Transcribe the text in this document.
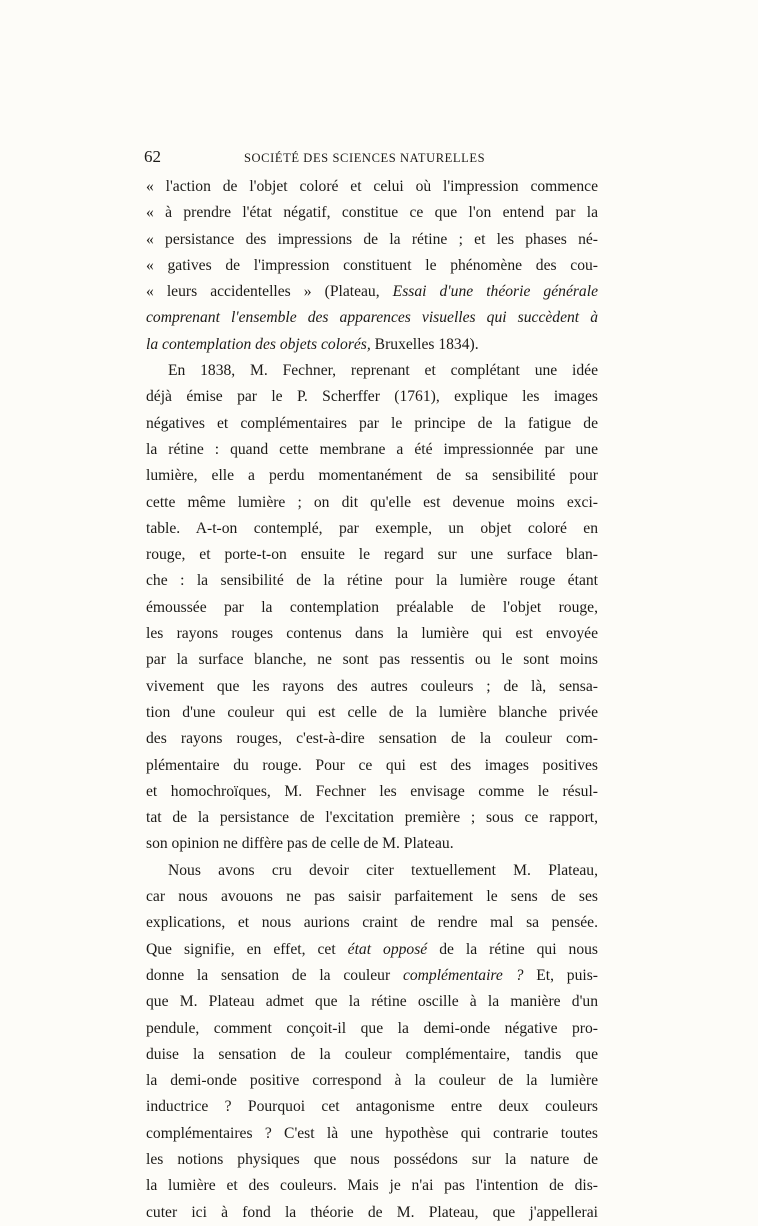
62	SOCIÉTÉ DES SCIENCES NATURELLES
« l'action de l'objet coloré et celui où l'impression commence
« à prendre l'état négatif, constitue ce que l'on entend par la
« persistance des impressions de la rétine ; et les phases né-
« gatives de l'impression constituent le phénomène des cou-
« leurs accidentelles » (Plateau, Essai d'une théorie générale
comprenant l'ensemble des apparences visuelles qui succèdent à
la contemplation des objets colorés, Bruxelles 1834).
En 1838, M. Fechner, reprenant et complétant une idée
déjà émise par le P. Scherffer (1761), explique les images
négatives et complémentaires par le principe de la fatigue de
la rétine : quand cette membrane a été impressionnée par une
lumière, elle a perdu momentanément de sa sensibilité pour
cette même lumière ; on dit qu'elle est devenue moins exci-
table. A-t-on contemplé, par exemple, un objet coloré en
rouge, et porte-t-on ensuite le regard sur une surface blan-
che : la sensibilité de la rétine pour la lumière rouge étant
émoussée par la contemplation préalable de l'objet rouge,
les rayons rouges contenus dans la lumière qui est envoyée
par la surface blanche, ne sont pas ressentis ou le sont moins
vivement que les rayons des autres couleurs ; de là, sensa-
tion d'une couleur qui est celle de la lumière blanche privée
des rayons rouges, c'est-à-dire sensation de la couleur com-
plémentaire du rouge. Pour ce qui est des images positives
et homochroïques, M. Fechner les envisage comme le résul-
tat de la persistance de l'excitation première ; sous ce rapport,
son opinion ne diffère pas de celle de M. Plateau.
Nous avons cru devoir citer textuellement M. Plateau,
car nous avouons ne pas saisir parfaitement le sens de ses
explications, et nous aurions craint de rendre mal sa pensée.
Que signifie, en effet, cet état opposé de la rétine qui nous
donne la sensation de la couleur complémentaire ? Et, puis-
que M. Plateau admet que la rétine oscille à la manière d'un
pendule, comment conçoit-il que la demi-onde négative pro-
duise la sensation de la couleur complémentaire, tandis que
la demi-onde positive correspond à la couleur de la lumière
inductrice ? Pourquoi cet antagonisme entre deux couleurs
complémentaires ? C'est là une hypothèse qui contrarie toutes
les notions physiques que nous possédons sur la nature de
la lumière et des couleurs. Mais je n'ai pas l'intention de dis-
cuter ici à fond la théorie de M. Plateau, que j'appellerai
